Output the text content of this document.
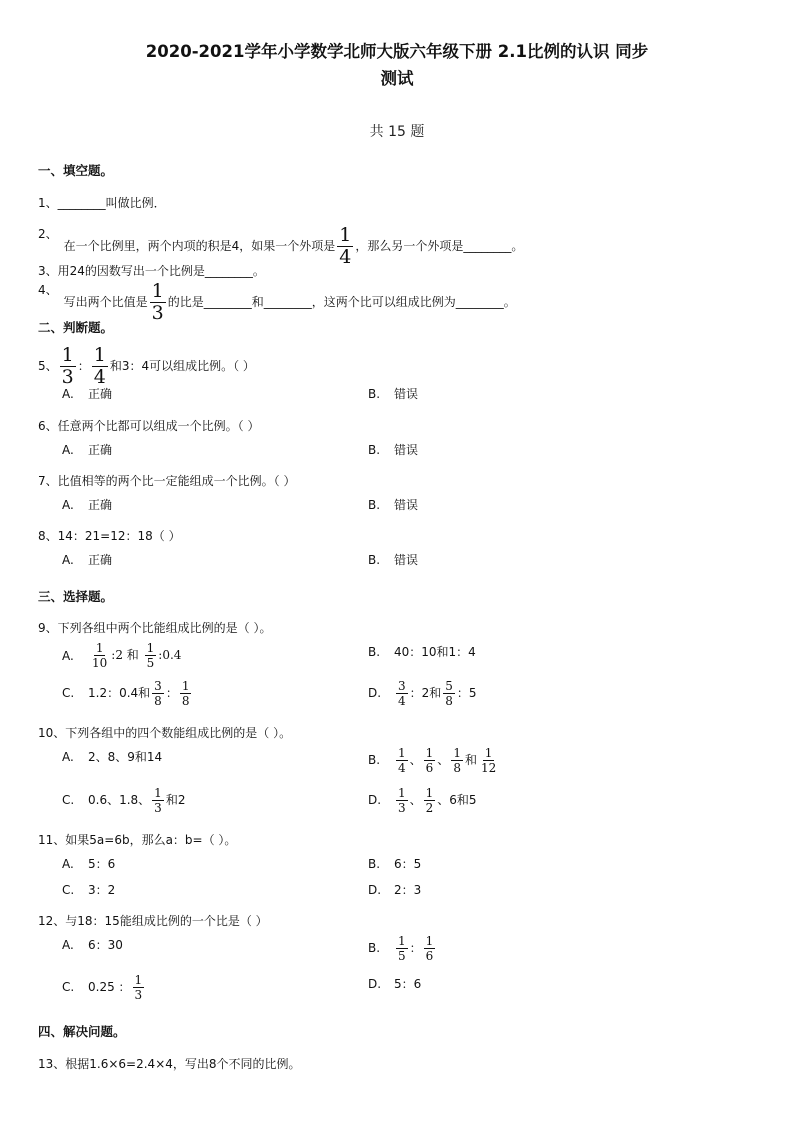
2020-2021学年小学数学北师大版六年级下册 2.1比例的认识 同步
测试
共 15 题
一、填空题。
1、________叫做比例．
2、在一个比例里，两个内项的积是4，如果一个外项是 $\frac{1}{4}$ ，那么另一个外项是________。
3、用24的因数写出一个比例是________。
4、写出两个比值是 $\frac{1}{3}$ 的比是________和________，这两个比可以组成比例为________。
二、判断题。
5、 $\frac{1}{3}$ ： $\frac{1}{4}$ 和3：4可以组成比例。（ ）
A. 正确	B. 错误
6、任意两个比都可以组成一个比例。（ ）
A. 正确	B. 错误
7、比值相等的两个比一定能组成一个比例。（ ）
A. 正确	B. 错误
8、14：21=12：18（ ）
A. 正确	B. 错误
三、选择题。
9、下列各组中两个比能组成比例的是（ ）。
A. $\frac{1}{10}$ :2 和 $\frac{1}{5}$ :0.4	B. 40：10和1：4
C. 1.2：0.4和 $\frac{3}{8}$ ： $\frac{1}{8}$	D. $\frac{3}{4}$ ：2和 $\frac{5}{8}$ ：5
10、下列各组中的四个数能组成比例的是（ ）。
A. 2、8、9和14	B. $\frac{1}{4}$ 、 $\frac{1}{6}$ 、 $\frac{1}{8}$ 和 $\frac{1}{12}$
C. 0.6、1.8、 $\frac{1}{3}$ 和2	D. $\frac{1}{3}$ 、 $\frac{1}{2}$ 、6和5
11、如果5a=6b，那么a：b=（ ）。
A. 5：6	B. 6：5
C. 3：2	D. 2：3
12、与18：15能组成比例的一个比是（ ）
A. 6：30	B. $\frac{1}{5}$ ： $\frac{1}{6}$
C. 0.25 ： $\frac{1}{3}$	D. 5：6
四、解决问题。
13、根据1.6×6=2.4×4，写出8个不同的比例。
